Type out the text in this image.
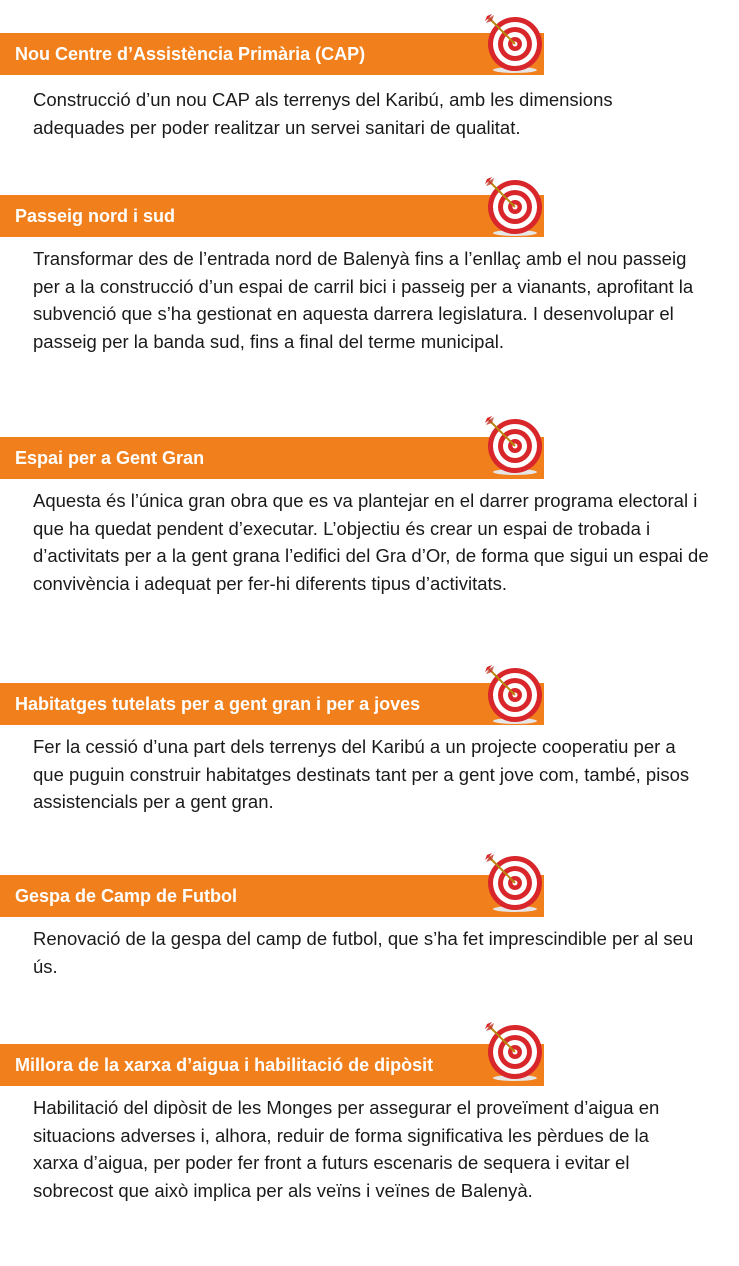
Nou Centre d’Assistència Primària (CAP)

Construcció d’un nou CAP als terrenys del Karibú, amb les dimensions adequades per poder realitzar un servei sanitari de qualitat.

Passeig nord i sud

Transformar des de l’entrada nord de Balenyà fins a l’enllaç amb el nou passeig per a la construcció d’un espai de carril bici i passeig per a vianants, aprofitant la subvenció que s’ha gestionat en aquesta darrera legislatura. I desenvolupar el passeig per la banda sud, fins a final del terme municipal.

Espai per a Gent Gran

Aquesta és l’única gran obra que es va plantejar en el darrer programa electoral i que ha quedat pendent d’executar. L’objectiu és crear un espai de trobada i d’activitats per a la gent grana l’edifici del Gra d’Or, de forma que sigui un espai de convivència i adequat per fer-hi diferents tipus d’activitats.

Habitatges tutelats per a gent gran i per a joves

Fer la cessió d’una part dels terrenys del Karibú a un projecte cooperatiu per a que puguin construir habitatges destinats tant per a gent jove com, també, pisos assistencials per a gent gran.

Gespa de Camp de Futbol

Renovació de la gespa del camp de futbol, que s’ha fet imprescindible per al seu ús.

Millora de la xarxa d’aigua i habilitació de dipòsit

Habilitació del dipòsit de les Monges per assegurar el proveïment d’aigua en situacions adverses i, alhora, reduir de forma significativa les pèrdues de la xarxa d’aigua, per poder fer front a futurs escenaris de sequera i evitar el sobrecost que això implica per als veïns i veïnes de Balenyà.
